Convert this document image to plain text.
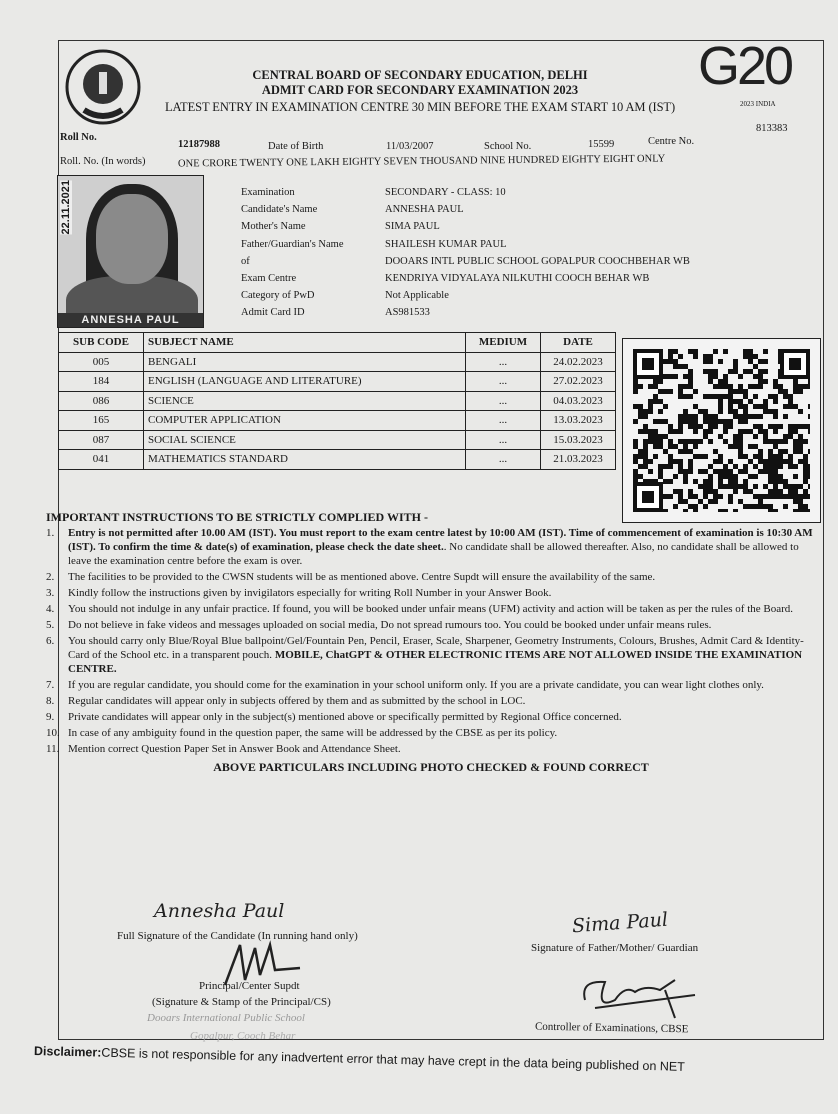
CENTRAL BOARD OF SECONDARY EDUCATION, DELHI
ADMIT CARD FOR SECONDARY EXAMINATION 2023
LATEST ENTRY IN EXAMINATION CENTRE 30 MIN BEFORE THE EXAM START 10 AM (IST)
G20
2023 INDIA
Roll No.
12187988	Date of Birth	11/03/2007	School No.	15599	Centre No.
813383
Roll. No. (In words)	ONE CRORE TWENTY ONE LAKH EIGHTY SEVEN THOUSAND NINE HUNDRED EIGHTY EIGHT ONLY
22.11.2021
ANNESHA PAUL
Examination	SECONDARY - CLASS: 10
Candidate's Name	ANNESHA PAUL
Mother's Name	SIMA PAUL
Father/Guardian's Name	SHAILESH KUMAR PAUL
of	DOOARS INTL PUBLIC SCHOOL GOPALPUR COOCHBEHAR WB
Exam Centre	KENDRIYA VIDYALAYA NILKUTHI COOCH BEHAR WB
Category of PwD	Not Applicable
Admit Card ID	AS981533
SUB CODE	SUBJECT NAME	MEDIUM	DATE
005	BENGALI	...	24.02.2023
184	ENGLISH (LANGUAGE AND LITERATURE)	...	27.02.2023
086	SCIENCE	...	04.03.2023
165	COMPUTER APPLICATION	...	13.03.2023
087	SOCIAL SCIENCE	...	15.03.2023
041	MATHEMATICS STANDARD	...	21.03.2023
IMPORTANT INSTRUCTIONS TO BE STRICTLY COMPLIED WITH -
1.	Entry is not permitted after 10.00 AM (IST). You must report to the exam centre latest by 10:00 AM (IST). Time of commencement of examination is 10:30 AM (IST). To confirm the time & date(s) of examination, please check the date sheet.. No candidate shall be allowed thereafter. Also, no candidate shall be allowed to leave the examination centre before the exam is over.
2.	The facilities to be provided to the CWSN students will be as mentioned above. Centre Supdt will ensure the availability of the same.
3.	Kindly follow the instructions given by invigilators especially for writing Roll Number in your Answer Book.
4.	You should not indulge in any unfair practice. If found, you will be booked under unfair means (UFM) activity and action will be taken as per the rules of the Board.
5.	Do not believe in fake videos and messages uploaded on social media, Do not spread rumours too. You could be booked under unfair means rules.
6.	You should carry only Blue/Royal Blue ballpoint/Gel/Fountain Pen, Pencil, Eraser, Scale, Sharpener, Geometry Instruments, Colours, Brushes, Admit Card & Identity-Card of the School etc. in a transparent pouch. MOBILE, ChatGPT & OTHER ELECTRONIC ITEMS ARE NOT ALLOWED INSIDE THE EXAMINATION CENTRE.
7.	If you are regular candidate, you should come for the examination in your school uniform only. If you are a private candidate, you can wear light clothes only.
8.	Regular candidates will appear only in subjects offered by them and as submitted by the school in LOC.
9.	Private candidates will appear only in the subject(s) mentioned above or specifically permitted by Regional Office concerned.
10. In case of any ambiguity found in the question paper, the same will be addressed by the CBSE as per its policy.
11. Mention correct Question Paper Set in Answer Book and Attendance Sheet.
ABOVE PARTICULARS INCLUDING PHOTO CHECKED & FOUND CORRECT
Annesha Paul
Full Signature of the Candidate (In running hand only)	Sima Paul
Signature of Father/Mother/ Guardian
Principal/Center Supdt
(Signature & Stamp of the Principal/CS)
Dooars International Public School
Gopalpur, Cooch Behar
Controller of Examinations, CBSE
Disclaimer:CBSE is not responsible for any inadvertent error that may have crept in the data being published on NET
